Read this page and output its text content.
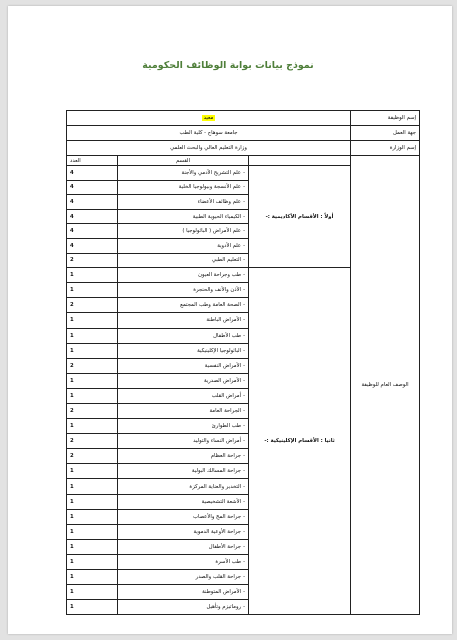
نموذج بيانات بوابة الوظائف الحكومية
إسم الوظيفة	معيد		
جهة العمل	جامعة سوهاج - كلية الطب		
إسم الوزارة	وزارة التعليم العالي والبحث العلمي		
الوصف العام للوظيفة		القسم	العدد
	أولاً : الأقسام الأكاديمية :-	-علم التشريح الآدمي والأجنة	4
		-علم الأنسجة وبيولوجيا الخلية	4
		-علم وظائف الأعضاء	4
		-الكيمياء الحيوية الطبية	4
		-علم الأمراض ( الباثولوجيا )	4
		-علم الأدوية	4
		-التعليم الطبي	2
	ثانيا : الأقسام الإكلينيكية :-	-طب وجراحة العيون	1
		-الأذن والأنف والحنجرة	1
		-الصحة العامة وطب المجتمع	2
		-الأمراض الباطنة	1
		-طب الأطفال	1
		-الباثولوجيا الإكلينيكية	1
		-الأمراض النفسية	2
		-الأمراض الصدرية	1
		-أمراض القلب	1
		-الجراحة العامة	2
		-طب الطوارئ	1
		-أمراض النساء والتوليد	2
		-جراحة العظام	2
		-جراحة المسالك البولية	1
		-التخدير والعناية المركزة	1
		-الأشعة التشخيصية	1
		-جراحة المخ والأعصاب	1
		-جراحة الأوعية الدموية	1
		-جراحة الأطفال	1
		-طب الأسرة	1
		-جراحة القلب والصدر	1
		-الأمراض المتوطنة	1
		-روماتيزم وتأهيل	1
